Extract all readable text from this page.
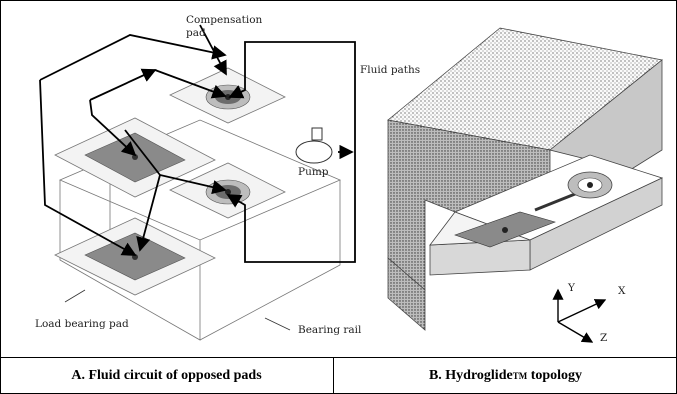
Compensation
pad
Fluid paths
Pump
Load bearing pad	Bearing rail
Y	X
Z
A. Fluid circuit of opposed pads	B. Hydroglide TM topology
